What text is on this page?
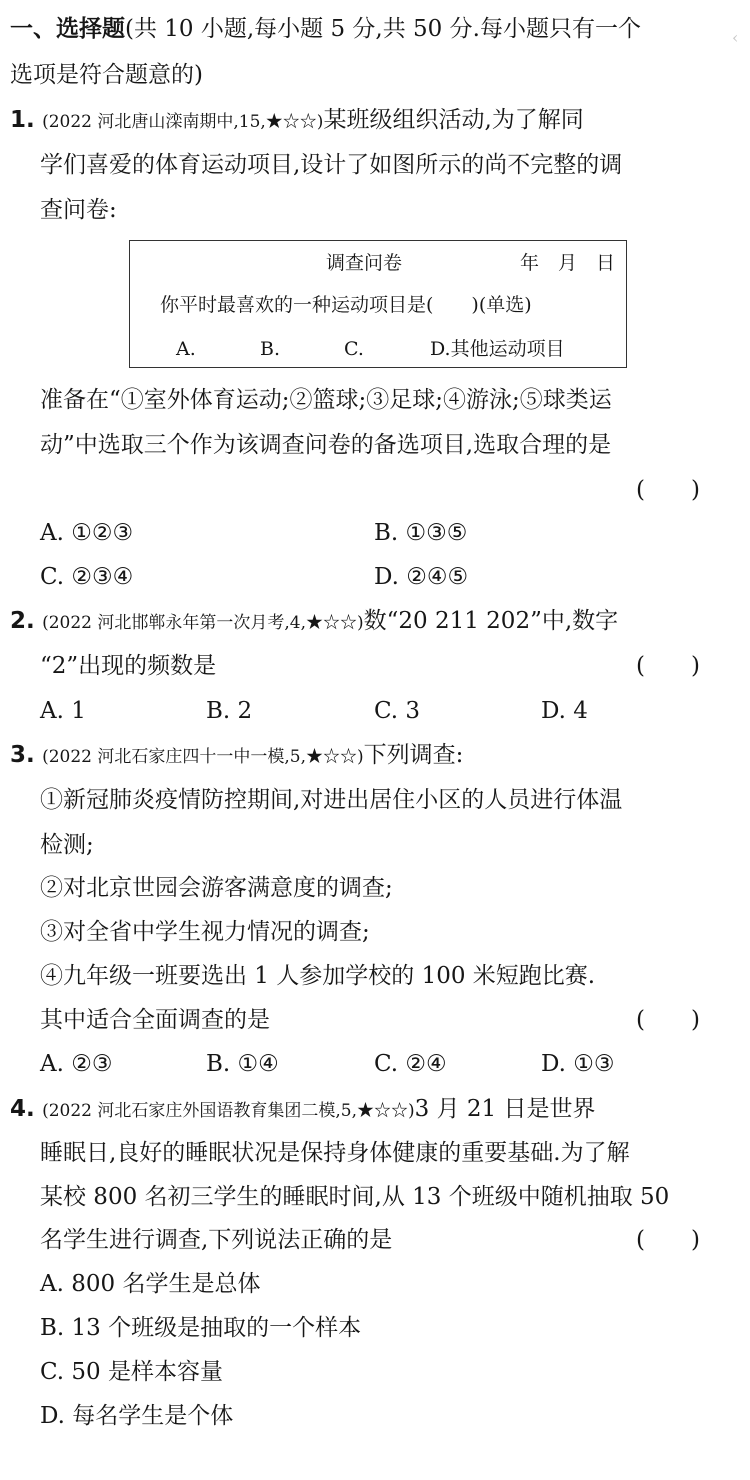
一、选择题(共 10 小题,每小题 5 分,共 50 分.每小题只有一个
选项是符合题意的)
‹
1. (2022 河北唐山滦南期中,15,★☆☆)某班级组织活动,为了解同
学们喜爱的体育运动项目,设计了如图所示的尚不完整的调
查问卷:
调查问卷	年　月　日
你平时最喜欢的一种运动项目是(　　)(单选)
A.	B.	C.	D.其他运动项目
准备在“①室外体育运动;②篮球;③足球;④游泳;⑤球类运
动”中选取三个作为该调查问卷的备选项目,选取合理的是
(　　)
A. ①②③	B. ①③⑤
C. ②③④	D. ②④⑤
2. (2022 河北邯郸永年第一次月考,4,★☆☆)数“20 211 202”中,数字
“2”出现的频数是	(　　)
A. 1	B. 2	C. 3	D. 4
3. (2022 河北石家庄四十一中一模,5,★☆☆)下列调查:
①新冠肺炎疫情防控期间,对进出居住小区的人员进行体温
检测;
②对北京世园会游客满意度的调查;
③对全省中学生视力情况的调查;
④九年级一班要选出 1 人参加学校的 100 米短跑比赛.
其中适合全面调查的是	(　　)
A. ②③	B. ①④	C. ②④	D. ①③
4. (2022 河北石家庄外国语教育集团二模,5,★☆☆)3 月 21 日是世界
睡眠日,良好的睡眠状况是保持身体健康的重要基础.为了解
某校 800 名初三学生的睡眠时间,从 13 个班级中随机抽取 50
名学生进行调查,下列说法正确的是	(　　)
A. 800 名学生是总体
B. 13 个班级是抽取的一个样本
C. 50 是样本容量
D. 每名学生是个体
